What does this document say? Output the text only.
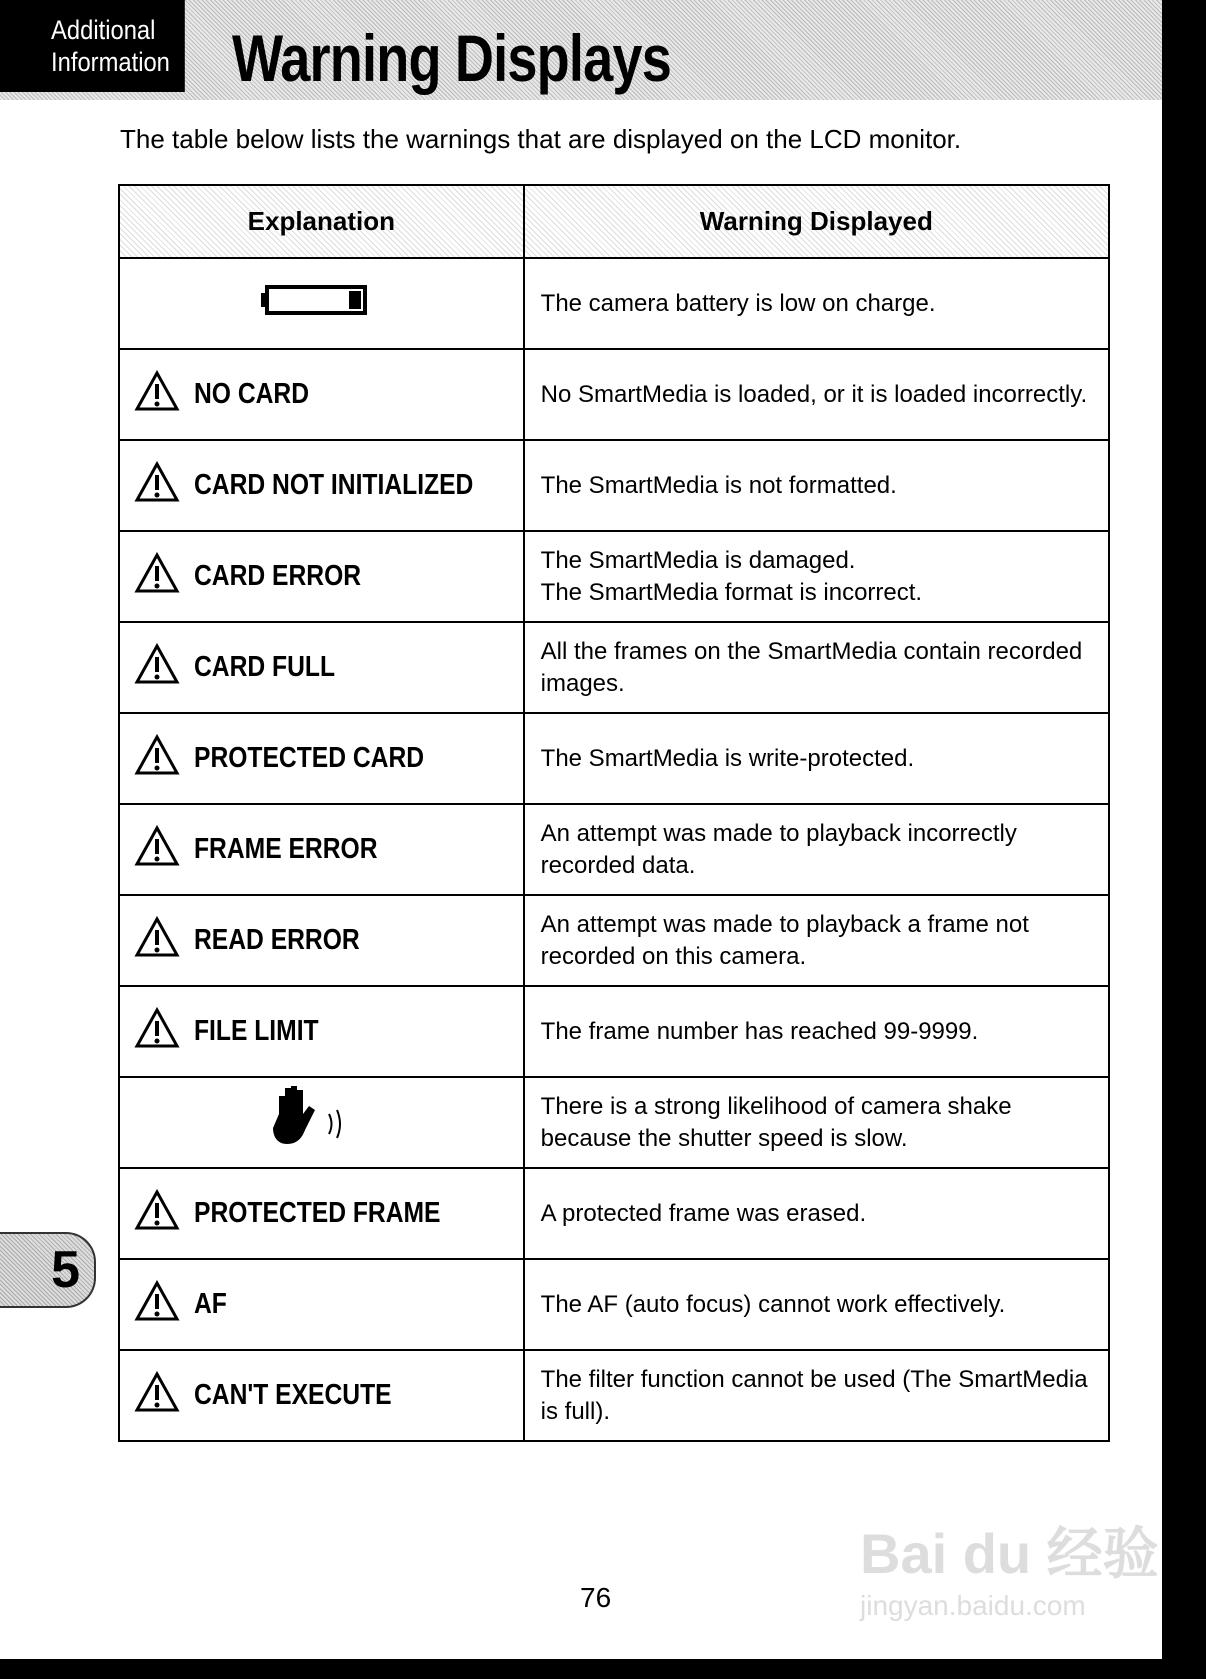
Additional
Information Warning Displays
The table below lists the warnings that are displayed on the LCD monitor.
Explanation	Warning Displayed
	The camera battery is low on charge.
NO CARD	No SmartMedia is loaded, or it is loaded incorrectly.
CARD NOT INITIALIZED	The SmartMedia is not formatted.
CARD ERROR	The SmartMedia is damaged.
The SmartMedia format is incorrect.
CARD FULL	All the frames on the SmartMedia contain recorded images.
PROTECTED CARD	The SmartMedia is write-protected.
FRAME ERROR	An attempt was made to playback incorrectly recorded data.
READ ERROR	An attempt was made to playback a frame not recorded on this camera.
FILE LIMIT	The frame number has reached 99-9999.
	There is a strong likelihood of camera shake because the shutter speed is slow.
PROTECTED FRAME	A protected frame was erased.
AF	The AF (auto focus) cannot work effectively.
CAN'T EXECUTE	The filter function cannot be used (The SmartMedia is full).
5
76
Bai du 经验
jingyan.baidu.com
